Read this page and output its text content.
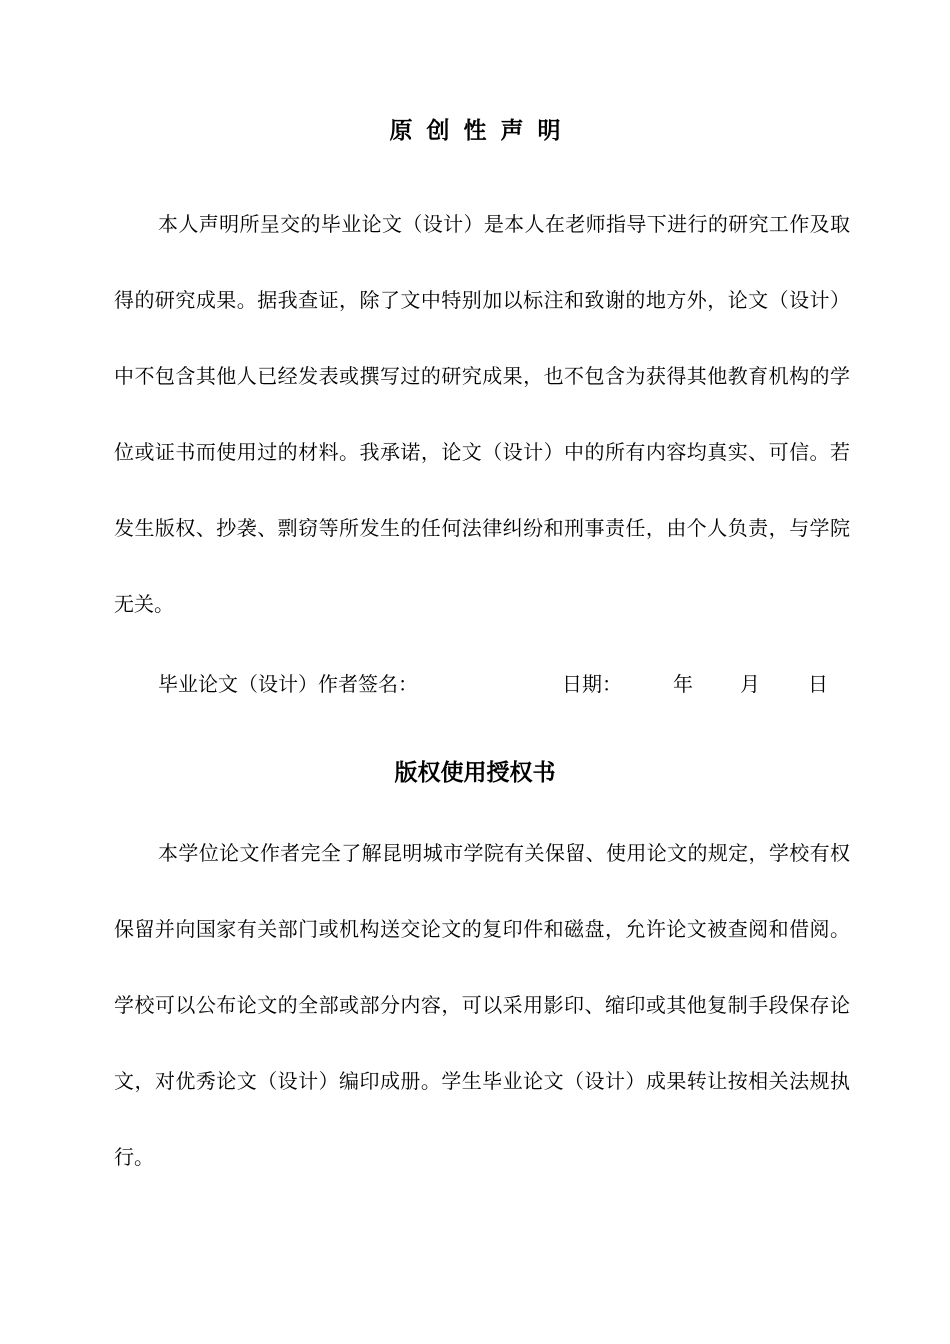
原创性声明

本人声明所呈交的毕业论文（设计）是本人在老师指导下进行的研究工作及取得的研究成果。据我查证，除了文中特别加以标注和致谢的地方外，论文（设计）中不包含其他人已经发表或撰写过的研究成果，也不包含为获得其他教育机构的学位或证书而使用过的材料。我承诺，论文（设计）中的所有内容均真实、可信。若发生版权、抄袭、剽窃等所发生的任何法律纠纷和刑事责任，由个人负责，与学院无关。

毕业论文（设计）作者签名：	日期：	年 月 日
版权使用授权书

本学位论文作者完全了解昆明城市学院有关保留、使用论文的规定，学校有权保留并向国家有关部门或机构送交论文的复印件和磁盘，允许论文被查阅和借阅。学校可以公布论文的全部或部分内容，可以采用影印、缩印或其他复制手段保存论文，对优秀论文（设计）编印成册。学生毕业论文（设计）成果转让按相关法规执行。
